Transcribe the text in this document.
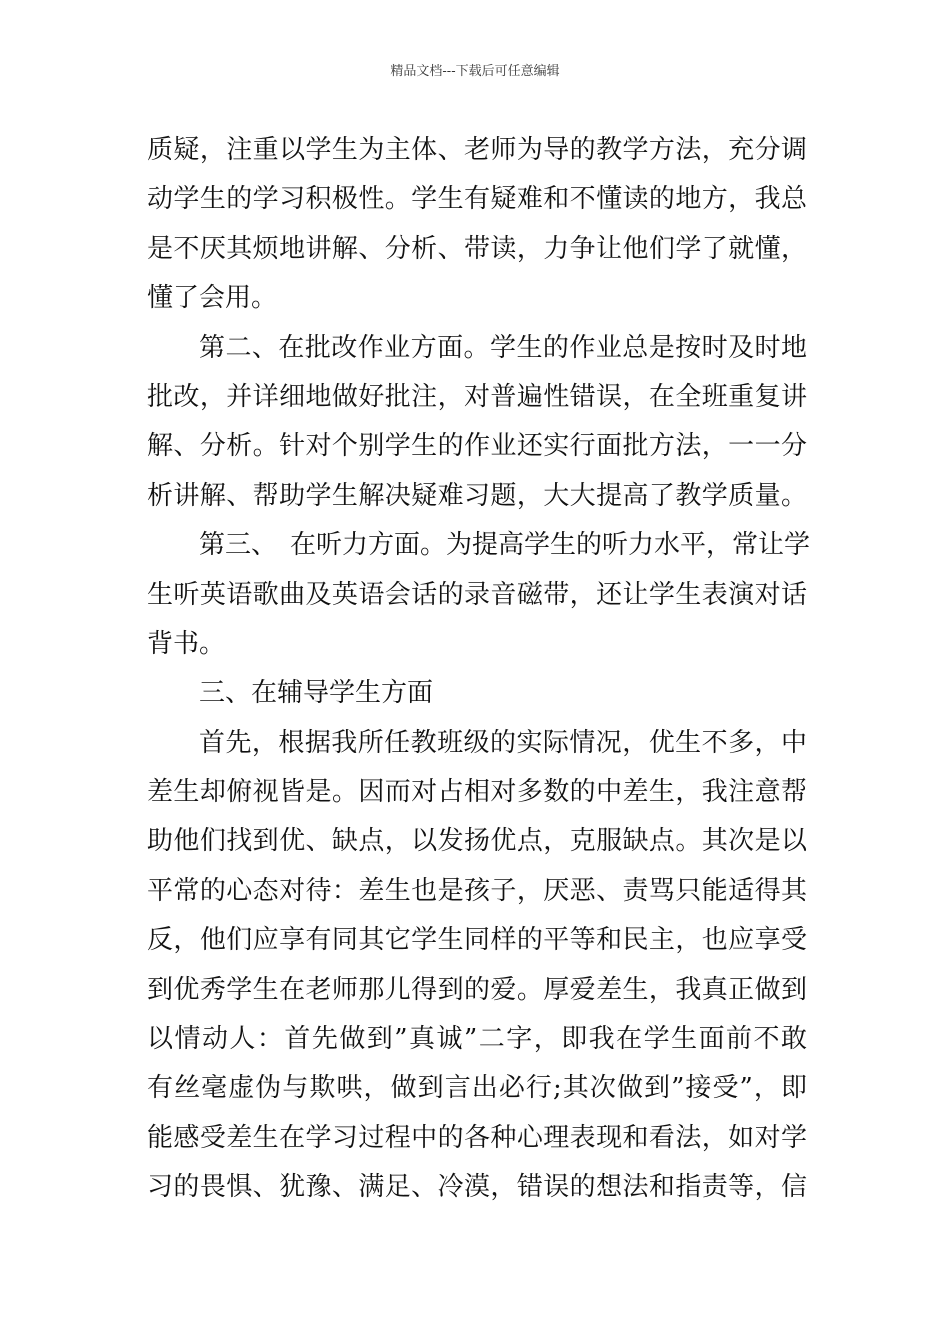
精品文档---下载后可任意编辑
质疑，注重以学生为主体、老师为导的教学方法，充分调
动学生的学习积极性。学生有疑难和不懂读的地方，我总
是不厌其烦地讲解、分析、带读，力争让他们学了就懂，
懂了会用。
第二、在批改作业方面。学生的作业总是按时及时地
批改，并详细地做好批注，对普遍性错误，在全班重复讲
解、分析。针对个别学生的作业还实行面批方法，一一分
析讲解、帮助学生解决疑难习题，大大提高了教学质量。
第三、　在听力方面。为提高学生的听力水平，常让学
生听英语歌曲及英语会话的录音磁带，还让学生表演对话
背书。
三、在辅导学生方面
首先，根据我所任教班级的实际情况，优生不多，中
差生却俯视皆是。因而对占相对多数的中差生，我注意帮
助他们找到优、缺点，以发扬优点，克服缺点。其次是以
平常的心态对待：差生也是孩子，厌恶、责骂只能适得其
反，他们应享有同其它学生同样的平等和民主，也应享受
到优秀学生在老师那儿得到的爱。厚爱差生，我真正做到
以情动人：首先做到”真诚”二字，即我在学生面前不敢
有丝毫虚伪与欺哄，做到言出必行;其次做到”接受”，即
能感受差生在学习过程中的各种心理表现和看法，如对学
习的畏惧、犹豫、满足、冷漠，错误的想法和指责等，信
